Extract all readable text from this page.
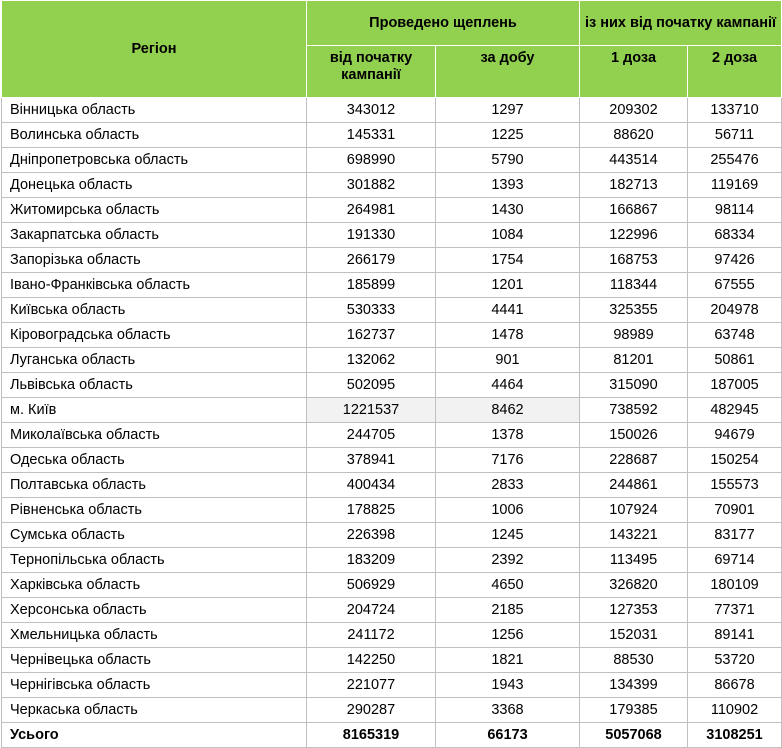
Регіон	Проведено щеплень		із них від початку кампанії	
	від початку кампанії	за добу	1 доза	2 доза
Вінницька область	343012	1297	209302	133710
Волинська область	145331	1225	88620	56711
Дніпропетровська область	698990	5790	443514	255476
Донецька область	301882	1393	182713	119169
Житомирська область	264981	1430	166867	98114
Закарпатська область	191330	1084	122996	68334
Запорізька область	266179	1754	168753	97426
Івано-Франківська область	185899	1201	118344	67555
Київська область	530333	4441	325355	204978
Кіровоградська область	162737	1478	98989	63748
Луганська область	132062	901	81201	50861
Львівська область	502095	4464	315090	187005
м. Київ	1221537	8462	738592	482945
Миколаївська область	244705	1378	150026	94679
Одеська область	378941	7176	228687	150254
Полтавська область	400434	2833	244861	155573
Рівненська область	178825	1006	107924	70901
Сумська область	226398	1245	143221	83177
Тернопільська область	183209	2392	113495	69714
Харківська область	506929	4650	326820	180109
Херсонська область	204724	2185	127353	77371
Хмельницька область	241172	1256	152031	89141
Чернівецька область	142250	1821	88530	53720
Чернігівська область	221077	1943	134399	86678
Черкаська область	290287	3368	179385	110902
Усього	8165319	66173	5057068	3108251
